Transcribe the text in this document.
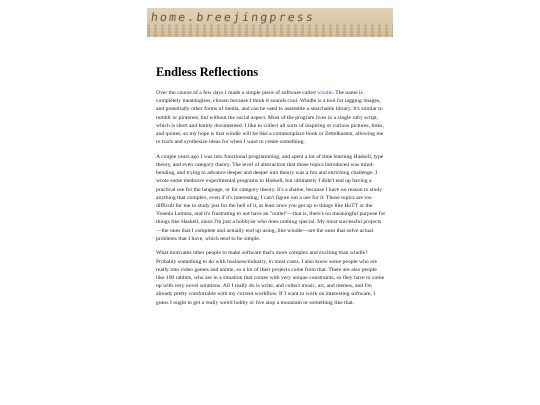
home.breejingpress
Endless Reflections

Over the course of a few days I made a simple piece of software called windle. The name is completely meaningless, chosen because I think it sounds cool. Windle is a tool for tagging images, and potentially other forms of media, and can be used to assemble a searchable library. It's similar to tumblr or pinterest, but without the social aspect. Most of the program lives in a single ruby script, which is short and barely documented. I like to collect all sorts of inspiring or curious pictures, links, and quotes, so my hope is that windle will be like a commonplace book or Zettelkasten, allowing me to track and synthesize ideas for when I want to create something.

A couple years ago I was into functional programming, and spent a lot of time learning Haskell, type theory, and even category theory. The level of abstraction that those topics introduced was mind-bending, and trying to advance deeper and deeper into theory was a fun and enriching challenge. I wrote some mediocre experimental programs in Haskell, but ultimately I didn't end up having a practical use for the language, or for category theory. It's a shame, because I have no reason to study anything that complex, even if it's interesting; I can't figure out a use for it. Those topics are too difficult for me to study just for the hell of it, at least once you get up to things like HoTT or the Yoneda Lemma, and it's frustrating to not have an "outlet"—that is, there's no meaningful purpose for things like Haskell, since I'm just a hobbyist who does nothing special. My most successful projects—the ones that I complete and actually end up using, like windle—are the ones that solve actual problems that I have, which tend to be simple.

What motivates other people to make software that's more complex and exciting than windle? Probably something to do with business/industry, in most cases. I also know some people who are really into video games and anime, so a lot of their projects come from that. There are also people like 100 rabbits, who are in a situation that comes with very unique constraints, so they have to come up with very novel solutions. All I really do is write, and collect music, art, and memes, and I'm already pretty comfortable with my current workflow. If I want to work on interesting software, I guess I ought to get a really weird hobby or live atop a mountain or something like that.
